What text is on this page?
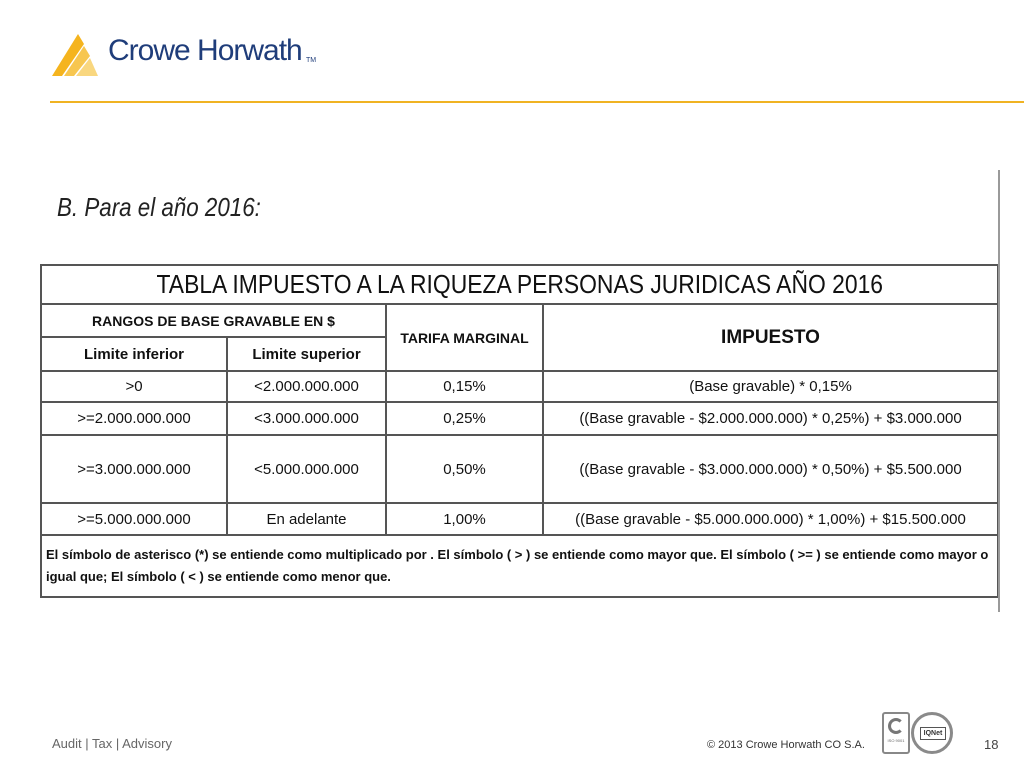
Crowe Horwath TM
B. Para el año 2016:
TABLA IMPUESTO A LA RIQUEZA PERSONAS JURIDICAS AÑO 2016			
RANGOS DE BASE GRAVABLE EN $		TARIFA MARGINAL	IMPUESTO
Limite inferior	Limite superior		
>0	<2.000.000.000	0,15%	(Base gravable) * 0,15%
>=2.000.000.000	<3.000.000.000	0,25%	((Base gravable - $2.000.000.000) * 0,25%) + $3.000.000
>=3.000.000.000	<5.000.000.000	0,50%	((Base gravable - $3.000.000.000) * 0,50%) + $5.500.000
>=5.000.000.000	En adelante	1,00%	((Base gravable - $5.000.000.000) * 1,00%) + $15.500.000
El símbolo de asterisco (*) se entiende como multiplicado por . El símbolo ( > ) se entiende como mayor que. El símbolo ( >= ) se entiende como mayor o igual que; El símbolo ( < ) se entiende como menor que.			
Audit | Tax | Advisory	© 2013 Crowe Horwath CO S.A.	ISO 9001
IQNet
18
